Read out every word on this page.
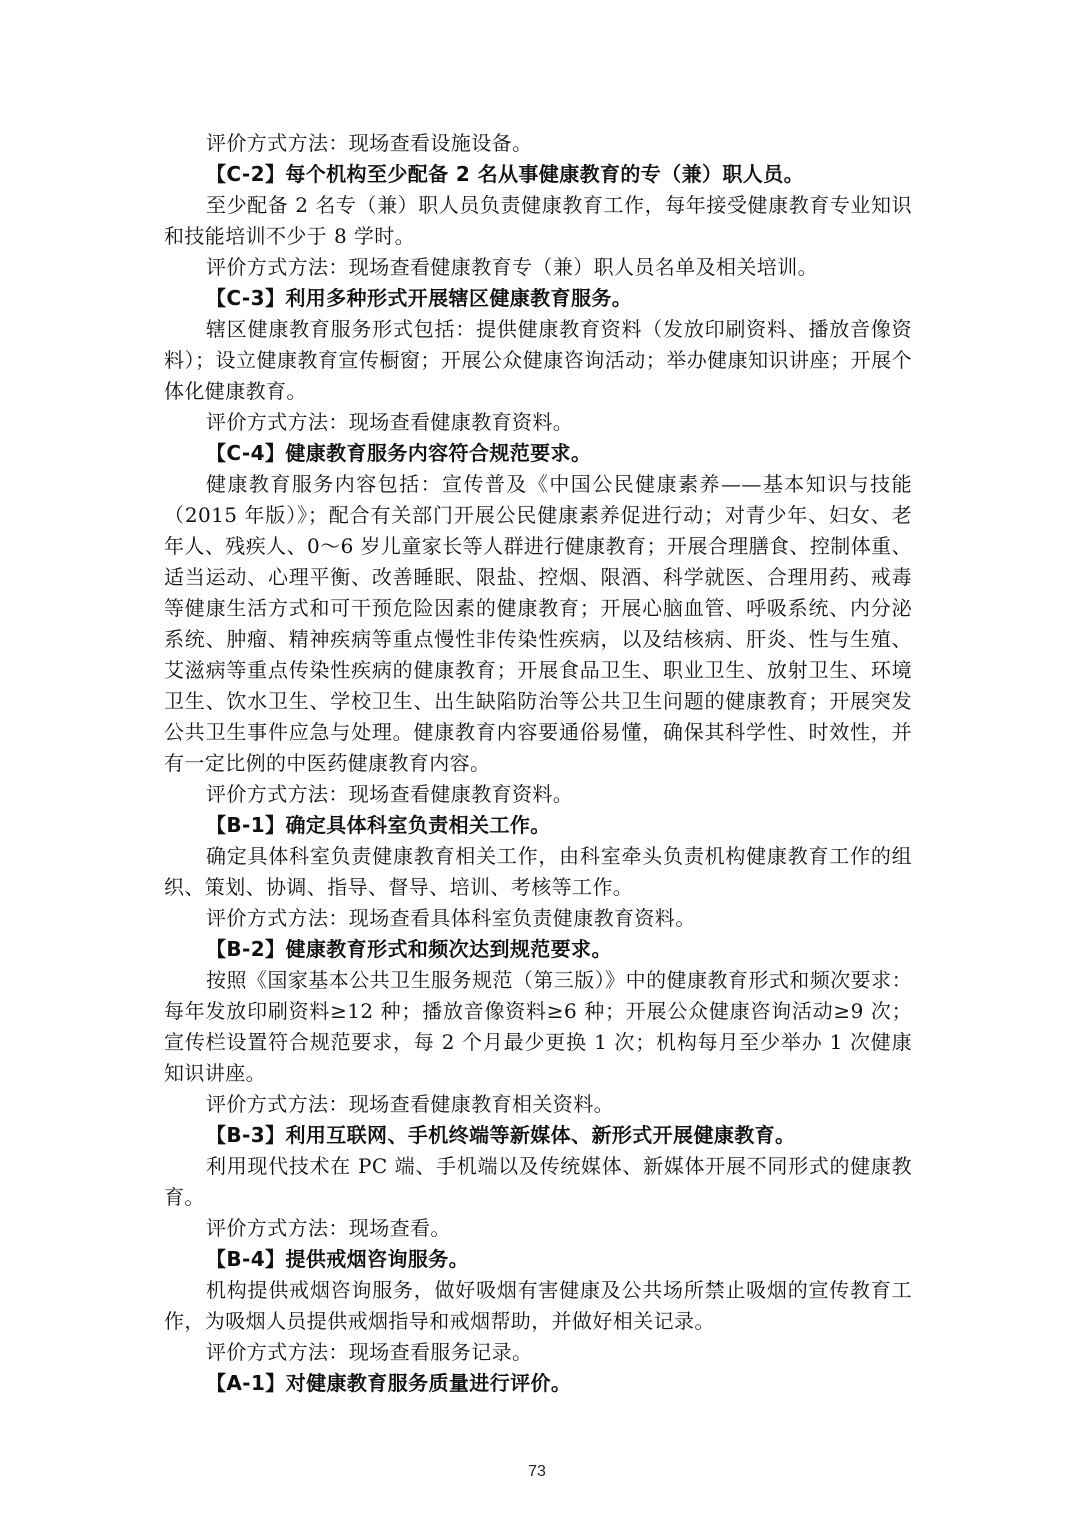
评价方式方法：现场查看设施设备。

【C-2】每个机构至少配备 2 名从事健康教育的专（兼）职人员。

至少配备 2 名专（兼）职人员负责健康教育工作，每年接受健康教育专业知识和技能培训不少于 8 学时。

评价方式方法：现场查看健康教育专（兼）职人员名单及相关培训。

【C-3】利用多种形式开展辖区健康教育服务。

辖区健康教育服务形式包括：提供健康教育资料（发放印刷资料、播放音像资料）；设立健康教育宣传橱窗；开展公众健康咨询活动；举办健康知识讲座；开展个体化健康教育。

评价方式方法：现场查看健康教育资料。

【C-4】健康教育服务内容符合规范要求。

健康教育服务内容包括：宣传普及《中国公民健康素养——基本知识与技能（2015 年版）》；配合有关部门开展公民健康素养促进行动；对青少年、妇女、老年人、残疾人、0～6 岁儿童家长等人群进行健康教育；开展合理膳食、控制体重、适当运动、心理平衡、改善睡眠、限盐、控烟、限酒、科学就医、合理用药、戒毒等健康生活方式和可干预危险因素的健康教育；开展心脑血管、呼吸系统、内分泌系统、肿瘤、精神疾病等重点慢性非传染性疾病，以及结核病、肝炎、性与生殖、艾滋病等重点传染性疾病的健康教育；开展食品卫生、职业卫生、放射卫生、环境卫生、饮水卫生、学校卫生、出生缺陷防治等公共卫生问题的健康教育；开展突发公共卫生事件应急与处理。健康教育内容要通俗易懂，确保其科学性、时效性，并有一定比例的中医药健康教育内容。

评价方式方法：现场查看健康教育资料。

【B-1】确定具体科室负责相关工作。

确定具体科室负责健康教育相关工作，由科室牵头负责机构健康教育工作的组织、策划、协调、指导、督导、培训、考核等工作。

评价方式方法：现场查看具体科室负责健康教育资料。

【B-2】健康教育形式和频次达到规范要求。

按照《国家基本公共卫生服务规范（第三版）》中的健康教育形式和频次要求：每年发放印刷资料≥12 种；播放音像资料≥6 种；开展公众健康咨询活动≥9 次；宣传栏设置符合规范要求，每 2 个月最少更换 1 次；机构每月至少举办 1 次健康知识讲座。

评价方式方法：现场查看健康教育相关资料。

【B-3】利用互联网、手机终端等新媒体、新形式开展健康教育。

利用现代技术在 PC 端、手机端以及传统媒体、新媒体开展不同形式的健康教育。

评价方式方法：现场查看。

【B-4】提供戒烟咨询服务。

机构提供戒烟咨询服务，做好吸烟有害健康及公共场所禁止吸烟的宣传教育工作，为吸烟人员提供戒烟指导和戒烟帮助，并做好相关记录。

评价方式方法：现场查看服务记录。

【A-1】对健康教育服务质量进行评价。

73
